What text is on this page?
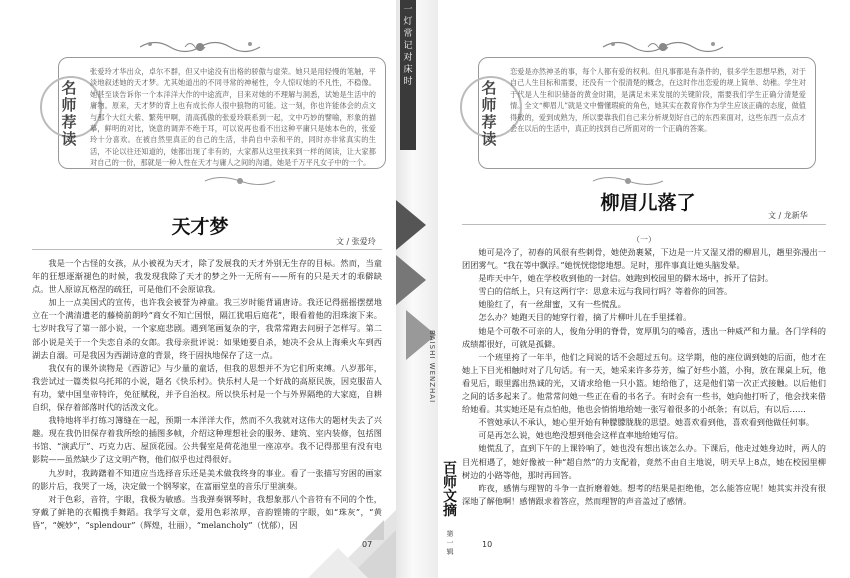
名师荐读
张爱玲才华出众，卓尔不群，但又中途没有出格的骄傲与虚荣。她只是用轻慢的笔触，平淡地叙述她的天才梦。尤其她道出的不同寻常的神秘性，令人惊叹她的不凡性，不稳像。她甚至谈告诉你一个本洋洋大作的中途流声，目来对她的不理解与洞悉，试她是生活中的庸物。原来，天才梦的背上也有成长你人很中狼物的可能。这一刻，你也许能体会的点文与那个大红大紫、繁苑甲啊，清高孤傲的张爱玲联系到一起，文中巧妙的譬喻，形象的描摹，鲜明的对比，饶意的调弄不绝于耳，可以说再也看不出这种平庸只是她本色的，张爱玲十分喜欢。在被自然里真正的自己的生活，非尚自中亲和平的，同时亦非常真实的生活，不论以往还知道的，她都出现了非有的，大家都从这里找来到一样的阅读，让大家都对自己的一份，那就是一种人性在天才与庸人之间的沟通，她是千万平凡女子中的一个。
天才梦
文 / 张爱玲

我是一个古怪的女孩，从小被视为天才，除了发展我的天才外别无生存的目标。然而，当童年的狂想逐渐褪色的时候，我发现我除了天才的梦之外一无所有——所有的只是天才的乖僻缺点。世人原谅瓦格涅的疏狂，可是他们不会原谅我。

加上一点美国式的宣传，也许我会被誉为神童。我三岁时能背诵唐诗。我还记得摇摇摆摆地立在一个满清遗老的藤椅前朗吟“商女不知亡国恨，隔江犹唱后庭花”，眼看着他的泪珠滚下来。七岁时我写了第一部小说，一个家庭悲剧。遇到笔画复杂的字，我常常跑去问厨子怎样写。第二部小说是关于一个失恋自杀的女郎。我母亲批评说：如果她要自杀，她决不会从上海乘火车到西湖去自溺。可是我因为西湖诗意的背景，终于固执地保存了这一点。

我仅有的课外读物是《西游记》与少量的童话，但我的思想并不为它们所束缚。八岁那年，我尝试过一篇类似乌托邦的小说，题名《快乐村》。快乐村人是一个好战的高原民族，因克服苗人有功，蒙中国皇帝特许，免征赋税，并予自治权。所以快乐村是一个与外界隔绝的大家庭，自耕自织，保存着部落时代的活泼文化。

我特地将半打练习簿缝在一起，预期一本洋洋大作，然而不久我就对这伟大的题材失去了兴趣。现在我仍旧保存着我所绘的插图多帧，介绍这种理想社会的服务、建筑、室内装修，包括图书馆、“演武厅”、巧克力店、屋顶花园。公共餐室是荷花池里一座凉亭。我不记得那里有没有电影院——虽然缺少了这文明产物，他们似乎也过得很好。

九岁时，我踌躇着不知道应当选择音乐还是美术做我终身的事业。看了一张描写穷困的画家的影片后，我哭了一场，决定做一个钢琴家，在富丽堂皇的音乐厅里演奏。

对于色彩，音符，字眼，我极为敏感。当我弹奏钢琴时，我想象那八个音符有不同的个性，穿戴了鲜艳的衣帽携手舞蹈。我学写文章，爱用色彩浓厚，音韵铿锵的字眼，如“珠灰”，“黄昏”，“婉妙”，“splendour”（辉煌，壮丽），“melancholy”（忧郁），因

07
一灯常记对床时
BAISHI WENZHAI
名师荐读
恋爱是亦然神圣的事，每个人都有爱的权利。但凡事都是有条件的，很多学生思想早熟，对于自己人生目标和需要，还没有一个很清楚的概念，在这时作出恋爱的规上简单、幼稚。学生对于代是人生和识储备的黄金时期，是满足未来发展的关键阶段，需要我们学生正确分清楚爱情。全文“柳眉儿”就是文中懵懂瑕疵的角色，她其实在教育你作为学生应该正确的态度，做值得敬的，爱到成熟为，所以要靠我们自己来分析规划好自己的东西来面对，这些东西一点点才会在以后的生活中，真正的找到自己所面对的一个正确的答案。
柳眉儿落了
文 / 龙新华
（一）

她可是冷了，初春的风很有些刺骨，她使劲裹紧，下边是一片又湿又滑的柳眉儿，趟里弥漫出一团团雾气。“我在等中飘浮。”她恍恍惚惚地想。足时，那件事真让她头脑发晕。

是昨天中午，她在学校收到他的一封信。她跑到校园里的僻木场中，拆开了信封。

雪白的信纸上，只有这两行字：思意未远与我同行吗？等着你的回答。

她脸红了，有一丝甜蜜，又有一些慌乱。

怎么办？她跑天目的她穿行着，摘了片柳叶儿在手里揉着。

她是个可敬不可亲的人，俊角分明的脊骨，宽厚肌匀的嗓音，透出一种威严和力量。各门学科的成绩都很好，可就是孤僻。

一个班里挎了一年半，他们之间说的话不会超过五句。这学期，他的座位调到她的后面，他才在她上下目光相触时对了几句话。有一天，她采来许多芬芳，编了好些小篮，小狗，放在课桌上玩，他看见后，眼里露出热诚的光，又请求给他一只小篮。她给他了，这是他们第一次正式接触。以后他们之间的话多起来了。他常常问她一些正在看的书名子。有时会有一些书，她向他打听了，他会找来借给她看。其实她还是有点怕他，他也会悄悄地给她一张写着很多的小纸条；有以后，有以后……

不管她承认不承认，她心里开始有种朦朦胧胧的思望。她喜欢看到他，喜欢看到他做任何事。

可是再怎么说，她也绝没想到他会这样直率地给她写信。

她慌乱了，直到下午的上课铃响了，她也没有想出该怎么办。下课后，他走过她身边时，两人的目光相遇了，她好像被一种“超自然”的力支配着，竟然不由自主地说，明天早上8点，她在校园里柳树边的小路等他，那时再回答。

昨夜，感情与理智的斗争一直折磨着她。想考的结果是拒绝他，怎么能答应呢！她其实并没有很深地了解他啊！感情跟求着答应，然而理智的声音盖过了感情。

百师文摘
第一辑
10
